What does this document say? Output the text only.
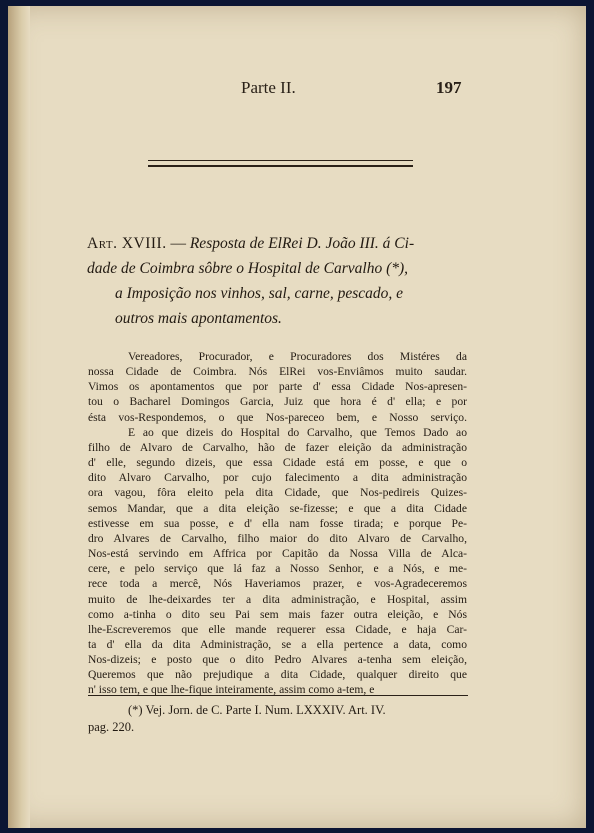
Parte II.	197
Art. XVIII. — Resposta de ElRei D. João III. á Ci-
dade de Coimbra sôbre o Hospital de Carvalho (*),
a Imposição nos vinhos, sal, carne, pescado, e
outros mais apontamentos.
Vereadores, Procurador, e Procuradores dos Mistéres da
nossa Cidade de Coimbra. Nós ElRei vos-Enviâmos muito saudar.
Vimos os apontamentos que por parte d' essa Cidade Nos-apresen-
tou o Bacharel Domingos Garcia, Juiz que hora é d' ella; e por
ésta vos-Respondemos, o que Nos-pareceo bem, e Nosso serviço.
E ao que dizeis do Hospital do Carvalho, que Temos Dado ao
filho de Alvaro de Carvalho, hão de fazer eleição da administração
d' elle, segundo dizeis, que essa Cidade está em posse, e que o
dito Alvaro Carvalho, por cujo falecimento a dita administração
ora vagou, fôra eleito pela dita Cidade, que Nos-pedireis Quizes-
semos Mandar, que a dita eleição se-fizesse; e que a dita Cidade
estivesse em sua posse, e d' ella nam fosse tirada; e porque Pe-
dro Alvares de Carvalho, filho maior do dito Alvaro de Carvalho,
Nos-está servindo em Affrica por Capitão da Nossa Villa de Alca-
cere, e pelo serviço que lá faz a Nosso Senhor, e a Nós, e me-
rece toda a mercê, Nós Haveriamos prazer, e vos-Agradeceremos
muito de lhe-deixardes ter a dita administração, e Hospital, assim
como a-tinha o dito seu Pai sem mais fazer outra eleição, e Nós
lhe-Escreveremos que elle mande requerer essa Cidade, e haja Car-
ta d' ella da dita Administração, se a ella pertence a data, como
Nos-dizeis; e posto que o dito Pedro Alvares a-tenha sem eleição,
Queremos que não prejudique a dita Cidade, qualquer direito que
n' isso tem, e que lhe-fique inteiramente, assim como a-tem, e
(*) Vej. Jorn. de C. Parte I. Num. LXXXIV. Art. IV.
pag. 220.
